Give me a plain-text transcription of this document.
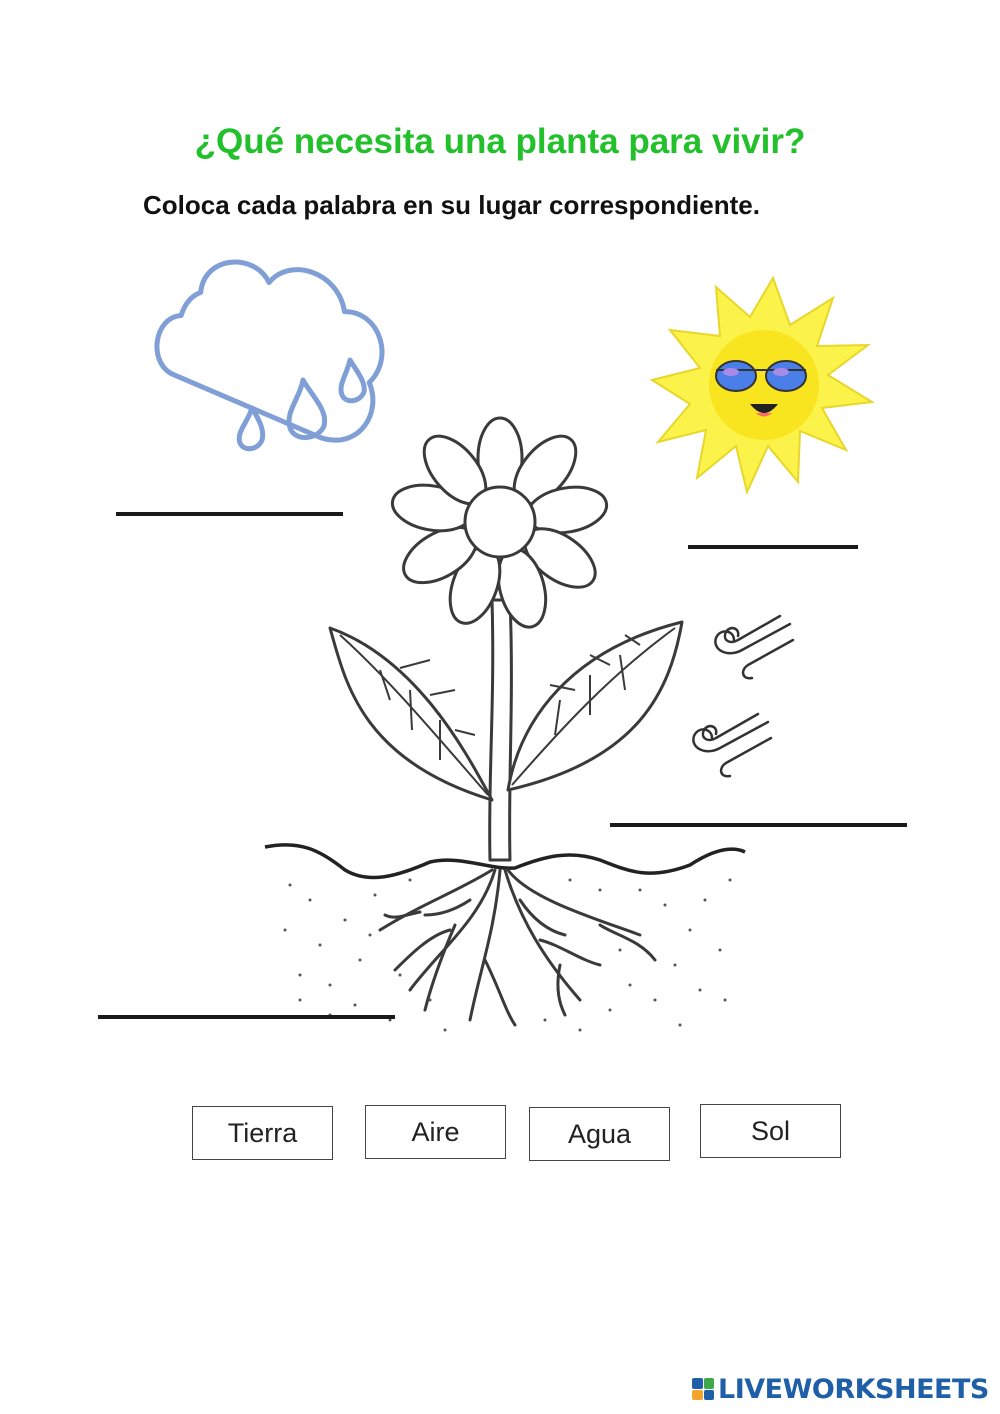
¿Qué necesita una planta para vivir?

Coloca cada palabra en su lugar correspondiente.

Tierra	Aire	Agua	Sol
LIVEWORKSHEETS
